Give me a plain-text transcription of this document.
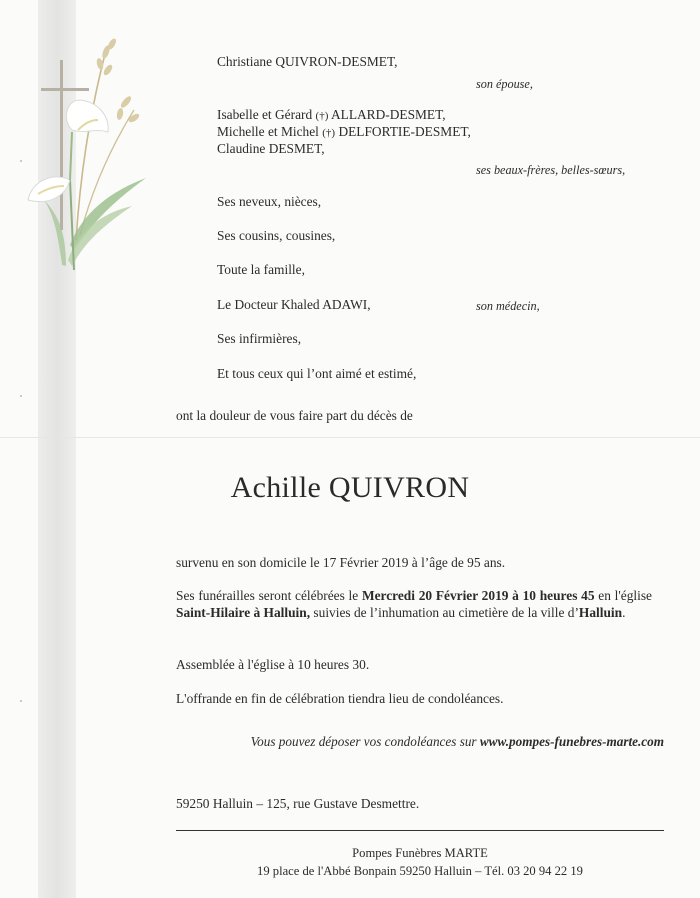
Christiane QUIVRON-DESMET,
son épouse,
Isabelle et Gérard (†) ALLARD-DESMET,
Michelle et Michel (†) DELFORTIE-DESMET,
Claudine DESMET,
ses beaux-frères, belles-sœurs,
Ses neveux, nièces,
Ses cousins, cousines,
Toute la famille,
Le Docteur Khaled ADAWI,	son médecin,
Ses infirmières,
Et tous ceux qui l’ont aimé et estimé,
ont la douleur de vous faire part du décès de
Achille QUIVRON
survenu en son domicile le 17 Février 2019 à l’âge de 95 ans.
Ses funérailles seront célébrées le Mercredi 20 Février 2019 à 10 heures 45 en l'église Saint-Hilaire à Halluin, suivies de l’inhumation au cimetière de la ville d’Halluin.
Assemblée à l'église à 10 heures 30.
L'offrande en fin de célébration tiendra lieu de condoléances.
Vous pouvez déposer vos condoléances sur www.pompes-funebres-marte.com
59250 Halluin – 125, rue Gustave Desmettre.
Pompes Funèbres MARTE
19 place de l'Abbé Bonpain 59250 Halluin – Tél. 03 20 94 22 19
